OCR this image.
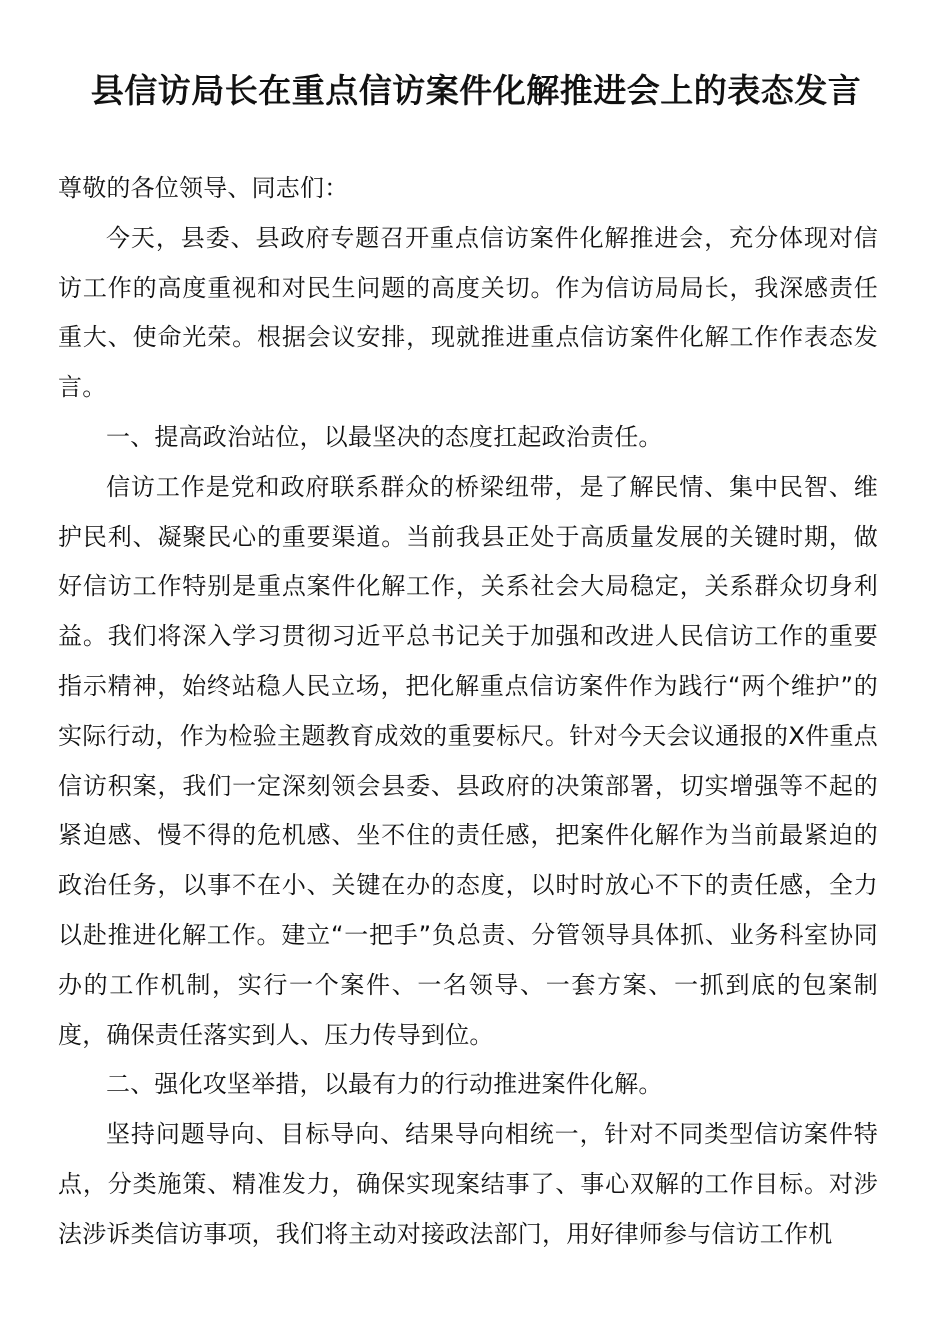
县信访局长在重点信访案件化解推进会上的表态发言

尊敬的各位领导、同志们：

今天，县委、县政府专题召开重点信访案件化解推进会，充分体现对信访工作的高度重视和对民生问题的高度关切。作为信访局局长，我深感责任重大、使命光荣。根据会议安排，现就推进重点信访案件化解工作作表态发言。

一、提高政治站位，以最坚决的态度扛起政治责任。

信访工作是党和政府联系群众的桥梁纽带，是了解民情、集中民智、维护民利、凝聚民心的重要渠道。当前我县正处于高质量发展的关键时期，做好信访工作特别是重点案件化解工作，关系社会大局稳定，关系群众切身利益。我们将深入学习贯彻习近平总书记关于加强和改进人民信访工作的重要指示精神，始终站稳人民立场，把化解重点信访案件作为践行“两个维护”的实际行动，作为检验主题教育成效的重要标尺。针对今天会议通报的X件重点信访积案，我们一定深刻领会县委、县政府的决策部署，切实增强等不起的紧迫感、慢不得的危机感、坐不住的责任感，把案件化解作为当前最紧迫的政治任务，以事不在小、关键在办的态度，以时时放心不下的责任感，全力以赴推进化解工作。建立“一把手”负总责、分管领导具体抓、业务科室协同办的工作机制，实行一个案件、一名领导、一套方案、一抓到底的包案制度，确保责任落实到人、压力传导到位。

二、强化攻坚举措，以最有力的行动推进案件化解。

坚持问题导向、目标导向、结果导向相统一，针对不同类型信访案件特点，分类施策、精准发力，确保实现案结事了、事心双解的工作目标。对涉法涉诉类信访事项，我们将主动对接政法部门，用好律师参与信访工作机
